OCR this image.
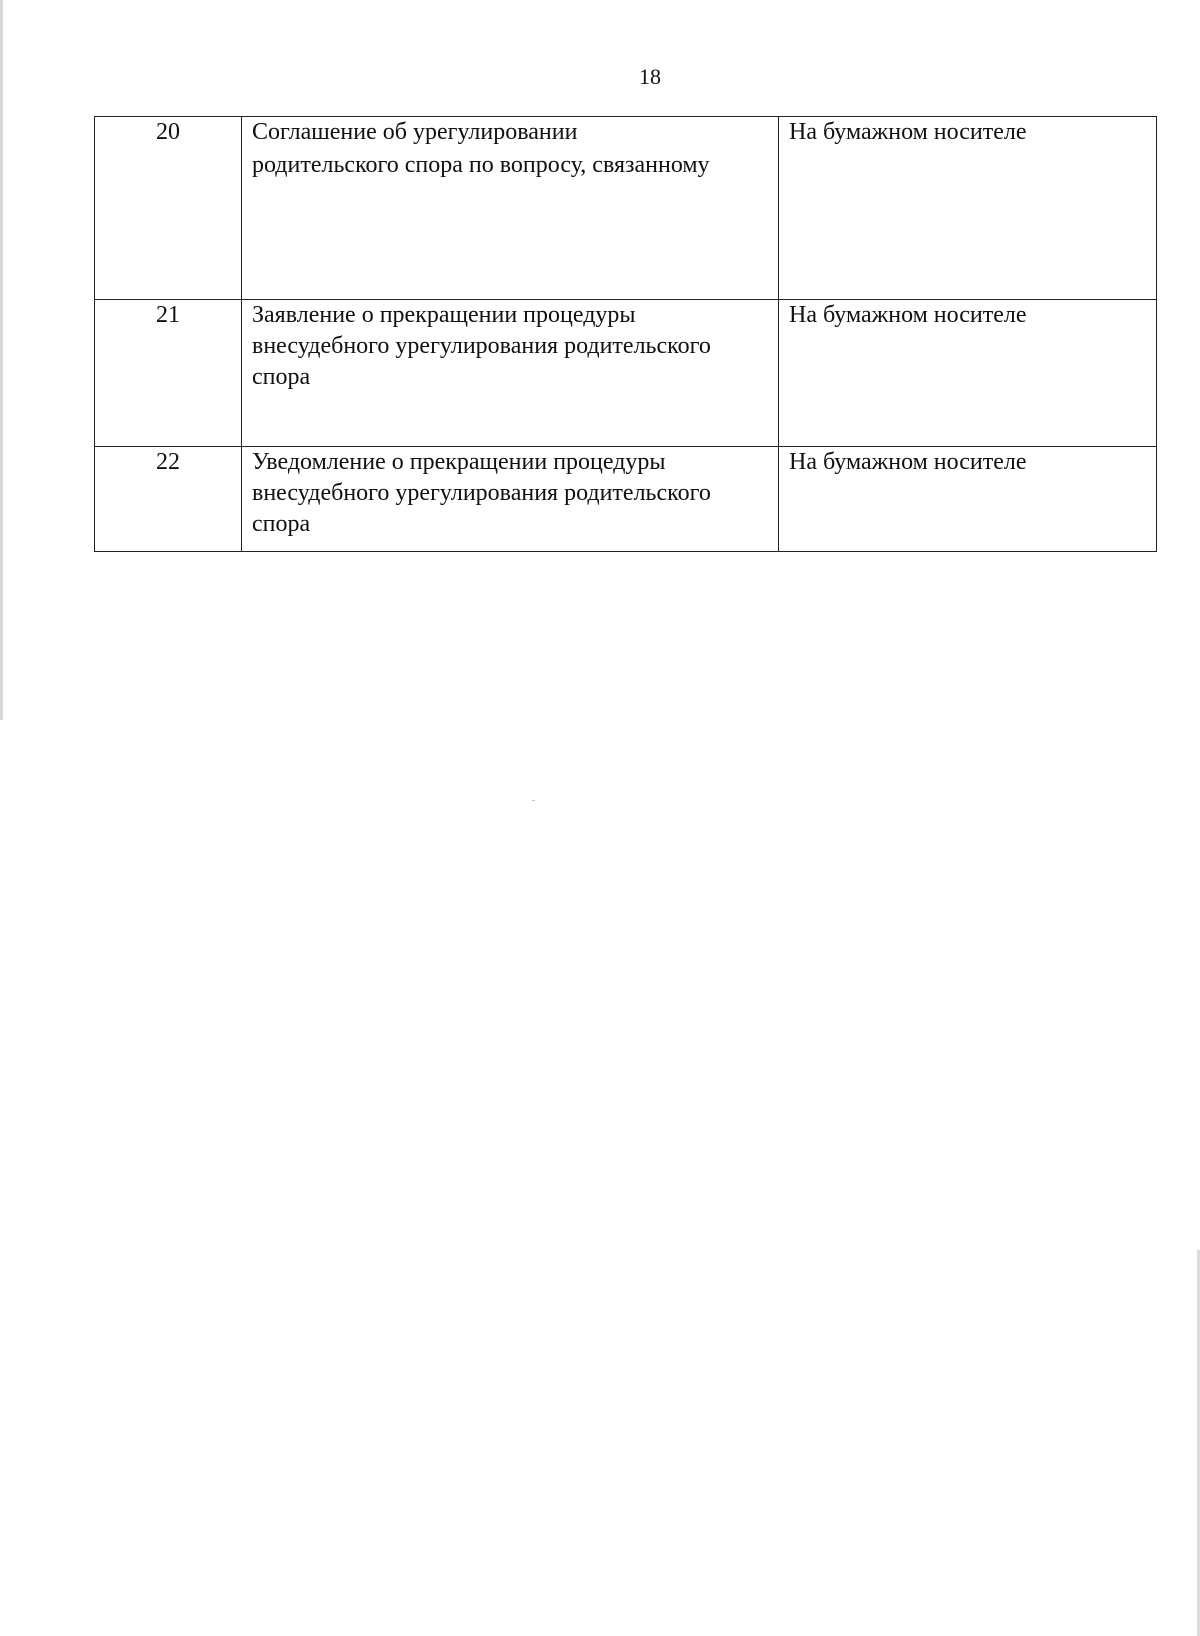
18
20	Соглашение об урегулировании
родительского спора по вопросу, связанному	На бумажном носителе
21	Заявление о прекращении процедуры
внесудебного урегулирования родительского
спора	На бумажном носителе
22	Уведомление о прекращении процедуры
внесудебного урегулирования родительского
спора	На бумажном носителе
